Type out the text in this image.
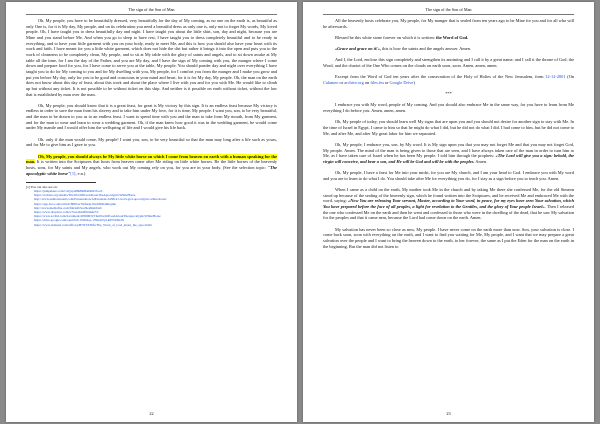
The sign of the Son of Man

Oh, My people, you have to be beautifully dressed, very beautifully for the day of My coming, as no one on the earth is, as beautiful as only One is, for it is My day, My people, and on its celebration you need a beautiful dress as only one is, only not to forget My words, My loved people. Oh, I have taught you to dress beautifully day and night. I have taught you about the little shirt, son, day and night, because you are Mine and you stand before Me. And when you go to sleep to have rest, I have taught you to dress completely beautiful and to be ready in everything, and to have your little garment with you on your body, ready to meet Me, and this is how you should also have your heart with its work and faith. I have meant for you a little white garment, which does not hide the dirt but rather it brings it into the open and puts you to the work of cleanness to be completely clean, My people, and to sit at My table with the glory of saints and angels, and to sit down awake at My table all the time, for I am the day of the Father, and you are My day, and I have the sign of My coming with you, the manger where I come down and prepare food for you, for I have come to serve you at the table, My people. You should ponder day and night over everything I have taught you to do for My coming to you and for My dwelling with you, My people, for I comfort you from the manger and I make you grow and put you before My day, only for you to be good and conscious in your mind and heart, for it is for My day, My people. Oh, the man on the earth does not know about this day of feast, about this work and about the place where I live with you and for you with Me. He would like to climb up but without any ticket. It is not possible to be without ticket on this ship. And neither is it possible on earth without ticket, without the law that is established by man over the man.

Oh, My people, you should know that it is a great feast, for great is My victory by this sign. It is an endless feast because My victory is endless in order to save the man from his slavery and to take him under My love, for it is time, My people. I want you, son, to be very beautiful, and the man to be drawn to you as to an endless feast. I want to spend time with you and the man to take from My mouth, from My garment, and for the man to wear and learn to wear a wedding garment. Oh, if the man knew how good it was in the wedding garment, he would come under My mantle and I would offer him the wellspring of life and I would give his life back.

Oh, only if the man would come, My people! I want you, son, to be very beautiful so that the man may long after a life such as yours, and for Me to give him as I gave to you.

Oh, My people, you should always be My little white horse on which I come from heaven on earth with a human speaking for the man. It is written into the Scriptures that hosts from heaven come after Me riding on little white horses. Be the little horses of the heavenly hosts, sons, for My saints and My angels, who work out My coming rely on you, for you are in your body. (See the selection topic: "The apocalyptic white horse"[1], e.n.)

[1] You can also see on:
https://jumpshare.com/v/sQvpuHkBR9i4DmPcfoeS
https://archive.org/details/TheWordOfGodAboutTheApocalypticWhiteHorse
http://www.authorstream.com/Presentation/AtEstonian-2438141-word-god-apocalyptic-white-horse/
https://app.box.com/s/mx2v8081xz7tkfnslq1hw6f49brhhrqmn
http://www.mediafire.com/file/k2b3oa3leu9iabhwb
https://www.dropbox.com/s/7nwa2m9f5nm4z72/
https://www.scribd.com/document/405606/9/TheWordOfGodAboutTheApocalypticWhiteHorse
https://drive.google.com/open?id=1WKhaj...Z8eOeTpLk6TbUROX
https://www.4shared.com/office/pH7OTXNlfa/The_Word_of_God_about_the_apoc.html

22
The sign of the Son of Man

All the heavenly hosts celebrate you, My people, for My manger that is sealed from ten years ago to be Mine for you and for all who will be afterwards.

Blessed be this white stone forever on which it is written: the Word of God.

«Grace and grace on it!», this is how the saints and the angels answer. Amen.

And I, the Lord, enclose this sign completely and strengthen its anointing and I call it by a great name, and I call it the throne of God, the Word, and the chariot of the One Who comes on the clouds on earth soon, soon. Amen, amen, amen.

Excerpt from the Word of God ten years after the consecration of the Holy of Holies of the New Jerusalem, from 12-12-2001 (On Calameo or archive.org on files.fm or Google Drive)

***

I embrace you with My word, people of My coming. And you should also embrace Me in the same way, for you have to learn from Me everything I do before you. Amen, amen, amen.

Oh, My people of today, you should learn well My signs that are upon you and you should not desire for another sign to stay with Me. In the time of Israel in Egypt, I came to him so that he might do what I did, but he did not do what I did. I had come to him, but he did not come to Me, and after Me, and after My great labor for him we separated.

Oh, My people, I embrace you, son, by My word. It is My sign upon you that you may not forget Me and that you may not forget God, My people. Amen. The mind of the man is being given to those that are seen, and I have always taken care of the man in order to turn him to Me, as I have taken care of Israel when he has been My people. I told him through the prophets: «The Lord will give you a sign: behold, the virgin will conceive, and bear a son, and He will be God and will be with the peoples. Amen.

Oh, My people, I have a feast for Me into your midst, for you are My church, and I am your head to God. I embrace you with My word and you are to learn to do what I do. You should take after Me for everything you do, for I stay as a sign before you to teach you. Amen.

When I came as a child on the earth, My mother took Me in the church and by taking Me there she confessed Me, for the old Simeon stood up because of the sealing of the heavenly sign, which he found written into the Scriptures, and he received Me and embraced Me with the word, saying: «Now You are releasing Your servant, Master, according to Your word, in peace, for my eyes have seen Your salvation, which You have prepared before the face of all peoples, a light for revelation to the Gentiles, and the glory of Your people Israel». Then I released the one who confessed Me on the earth and then he went and confessed to those who were in the dwelling of the dead, that he saw My salvation for the peoples and that it came near, because the Lord had come down on the earth. Amen.

My salvation has never been so close as now, My people. I have never come on the earth more than now. Son, your salvation is close. I come back soon, soon with everything on the earth, and I want to find you waiting for Me, My people, and I want that we may prepare a great salvation over the people and I want to bring the heaven down to the earth, to her forever, the same as I put the Eden for the man on the earth in the beginning. But the man did not listen to

23
